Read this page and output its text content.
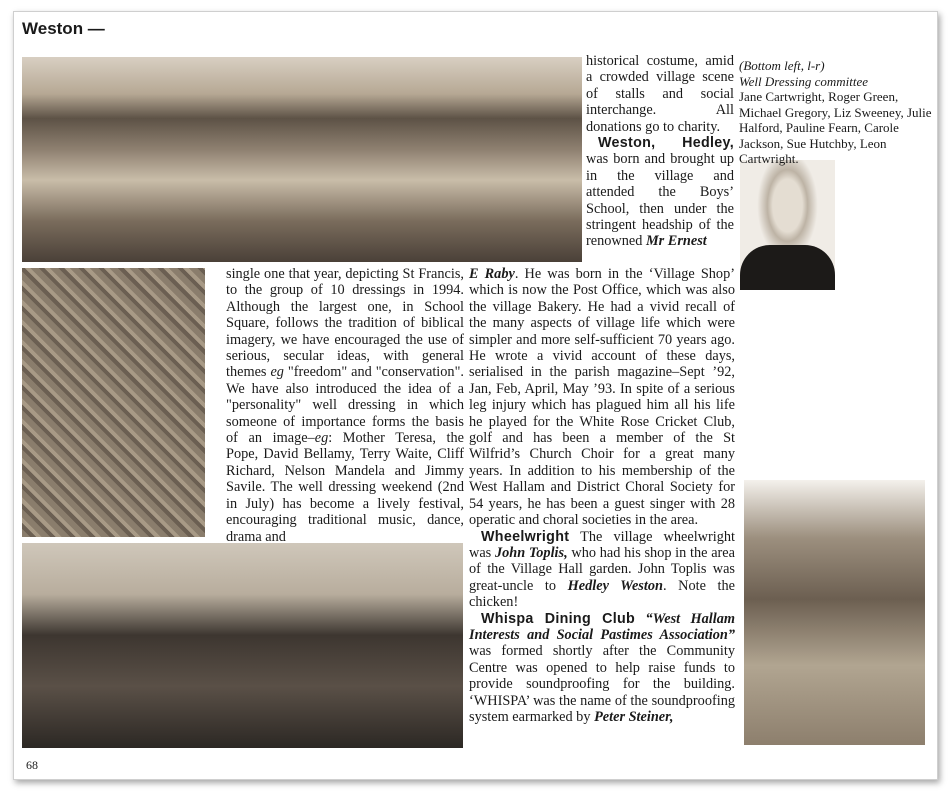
Weston —

historical costume, amid a crowded village scene of stalls and social interchange. All donations go to charity.

Weston, Hedley, was born and brought up in the village and attended the Boys’ School, then under the stringent headship of the renowned Mr Ernest

(Bottom left, l-r)
Well Dressing committee
Jane Cartwright, Roger Green, Michael Gregory, Liz Sweeney, Julie Halford, Pauline Fearn, Carole Jackson, Sue Hutchby, Leon Cartwright.

single one that year, depicting St Francis, to the group of 10 dressings in 1994. Although the largest one, in School Square, follows the tradition of biblical imagery, we have encouraged the use of serious, secular ideas, with general themes eg "freedom" and "conservation". We have also introduced the idea of a "personality" well dressing in which someone of importance forms the basis of an image–eg: Mother Teresa, the Pope, David Bellamy, Terry Waite, Cliff Richard, Nelson Mandela and Jimmy Savile. The well dressing weekend (2nd in July) has become a lively festival, encouraging traditional music, dance, drama and

E Raby. He was born in the ‘Village Shop’ which is now the Post Office, which was also the village Bakery. He had a vivid recall of the many aspects of village life which were simpler and more self-sufficient 70 years ago. He wrote a vivid account of these days, serialised in the parish magazine–Sept ’92, Jan, Feb, April, May ’93. In spite of a serious leg injury which has plagued him all his life he played for the White Rose Cricket Club, golf and has been a member of the St Wilfrid’s Church Choir for a great many years. In addition to his membership of the West Hallam and District Choral Society for 54 years, he has been a guest singer with 28 operatic and choral societies in the area.

Wheelwright The village wheelwright was John Toplis, who had his shop in the area of the Village Hall garden. John Toplis was great-uncle to Hedley Weston. Note the chicken!

Whispa Dining Club “West Hallam Interests and Social Pastimes Association” was formed shortly after the Community Centre was opened to help raise funds to provide soundproofing for the building. ‘WHISPA’ was the name of the soundproofing system earmarked by Peter Steiner,

68
